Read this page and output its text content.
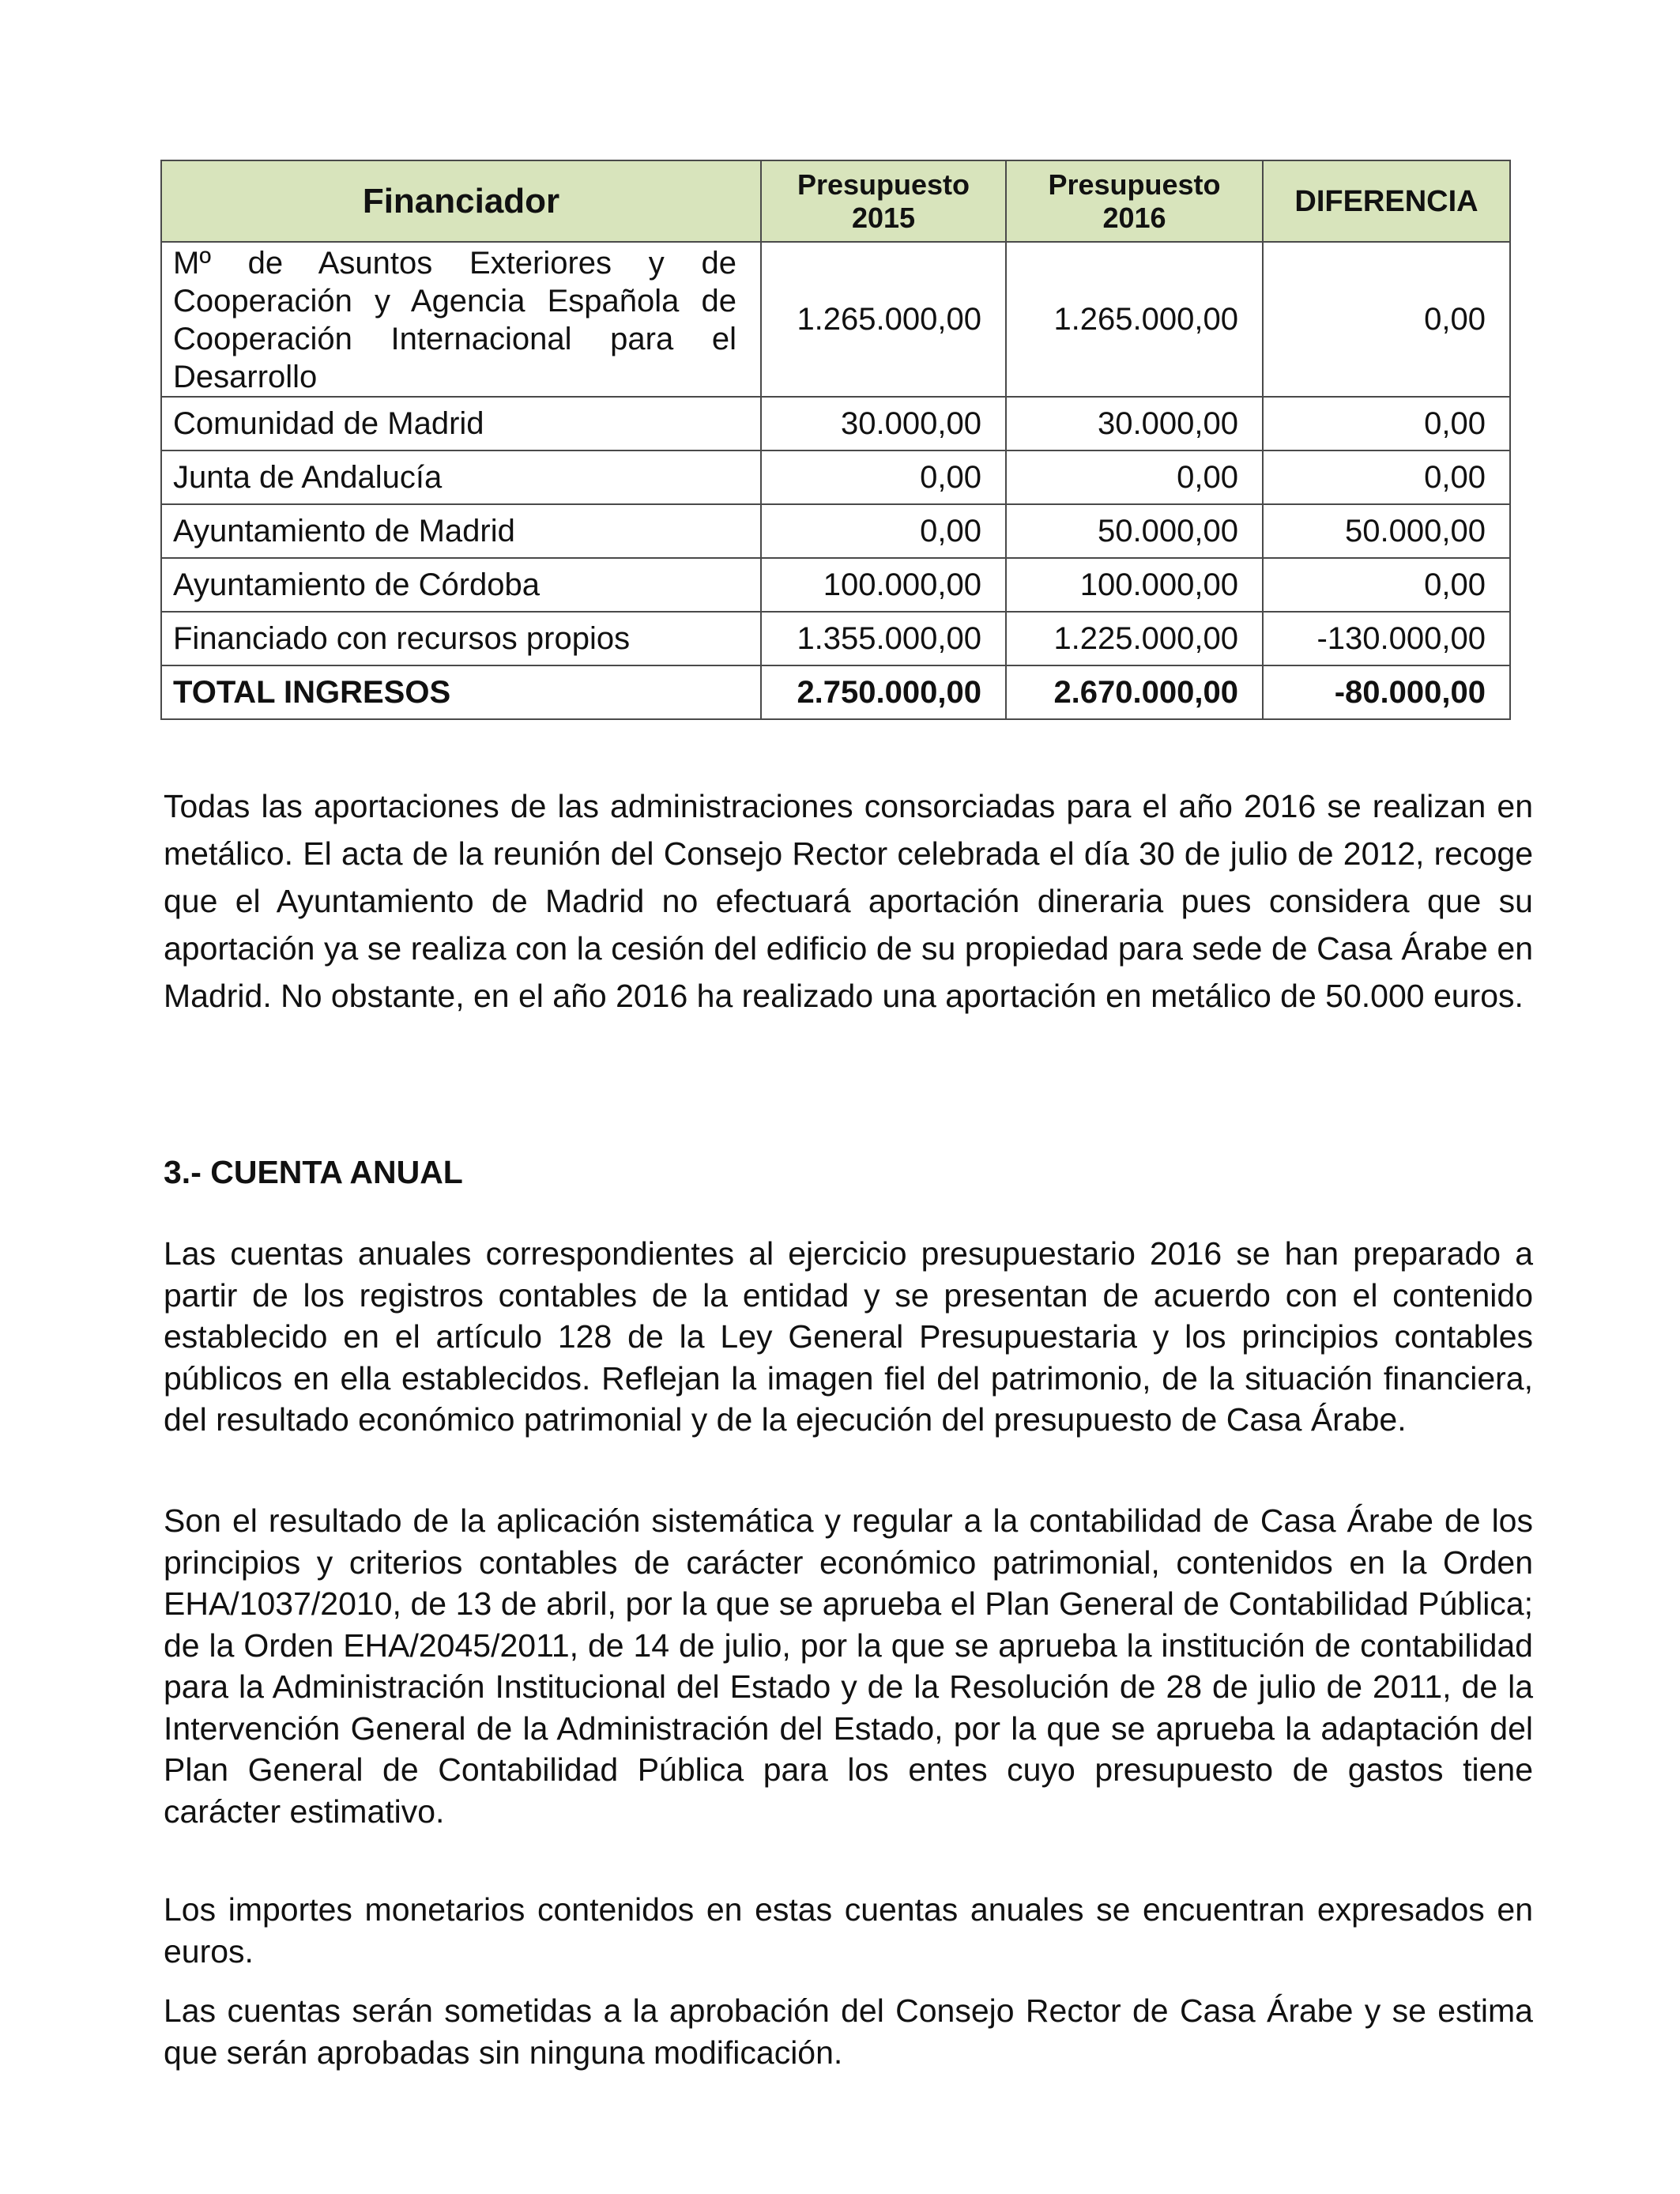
Financiador	Presupuesto 2015	Presupuesto 2016	DIFERENCIA
Mº de Asuntos Exteriores y de Cooperación y Agencia Española de Cooperación Internacional para el Desarrollo	1.265.000,00	1.265.000,00	0,00
Comunidad de Madrid	30.000,00	30.000,00	0,00
Junta de Andalucía	0,00	0,00	0,00
Ayuntamiento de Madrid	0,00	50.000,00	50.000,00
Ayuntamiento de Córdoba	100.000,00	100.000,00	0,00
Financiado con recursos propios	1.355.000,00	1.225.000,00	-130.000,00
TOTAL INGRESOS	2.750.000,00	2.670.000,00	-80.000,00

Todas las aportaciones de las administraciones consorciadas para el año 2016 se realizan en metálico. El acta de la reunión del Consejo Rector celebrada el día 30 de julio de 2012, recoge que el Ayuntamiento de Madrid no efectuará aportación dineraria pues considera que su aportación ya se realiza con la cesión del edificio de su propiedad para sede de Casa Árabe en Madrid. No obstante, en el año 2016 ha realizado una aportación en metálico de 50.000 euros.

3.- CUENTA ANUAL

Las cuentas anuales correspondientes al ejercicio presupuestario 2016 se han preparado a partir de los registros contables de la entidad y se presentan de acuerdo con el contenido establecido en el artículo 128 de la Ley General Presupuestaria y los principios contables públicos en ella establecidos. Reflejan la imagen fiel del patrimonio, de la situación financiera, del resultado económico patrimonial y de la ejecución del presupuesto de Casa Árabe.

Son el resultado de la aplicación sistemática y regular a la contabilidad de Casa Árabe de los principios y criterios contables de carácter económico patrimonial, contenidos en la Orden EHA/1037/2010, de 13 de abril, por la que se aprueba el Plan General de Contabilidad Pública; de la Orden EHA/2045/2011, de 14 de julio, por la que se aprueba la institución de contabilidad para la Administración Institucional del Estado y de la Resolución de 28 de julio de 2011, de la Intervención General de la Administración del Estado, por la que se aprueba la adaptación del Plan General de Contabilidad Pública para los entes cuyo presupuesto de gastos tiene carácter estimativo.

Los importes monetarios contenidos en estas cuentas anuales se encuentran expresados en euros.

Las cuentas serán sometidas a la aprobación del Consejo Rector de Casa Árabe y se estima que serán aprobadas sin ninguna modificación.
